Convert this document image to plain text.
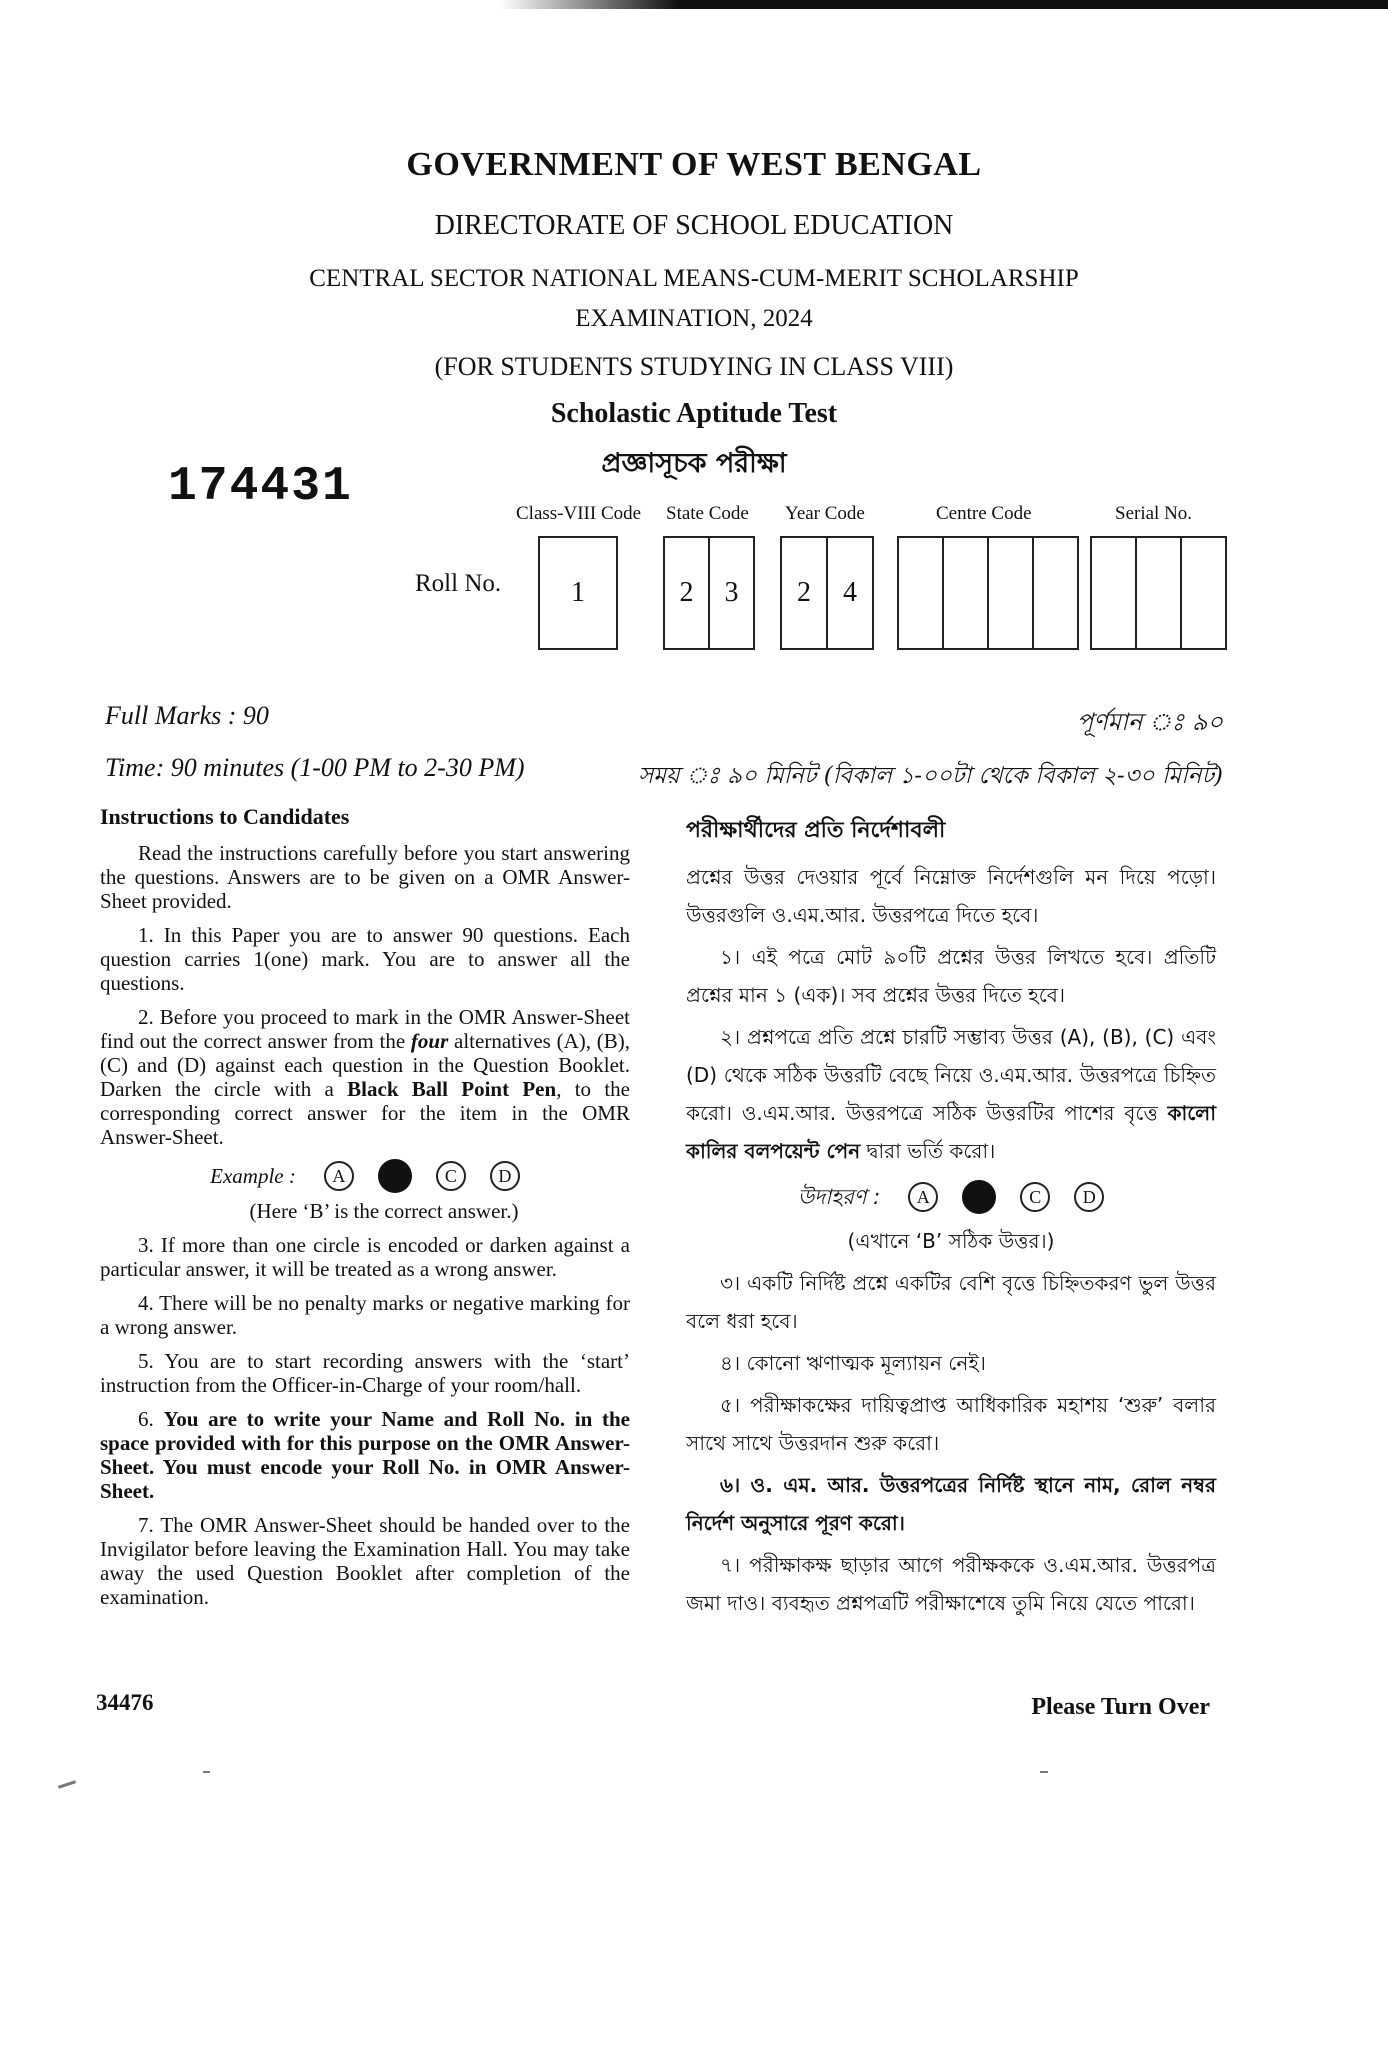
GOVERNMENT OF WEST BENGAL
DIRECTORATE OF SCHOOL EDUCATION
CENTRAL SECTOR NATIONAL MEANS-CUM-MERIT SCHOLARSHIP
EXAMINATION, 2024
(FOR STUDENTS STUDYING IN CLASS VIII)
Scholastic Aptitude Test
প্রজ্ঞাসূচক পরীক্ষা
174431	Class-VIII Code State Code Year Code	Centre Code	Serial No.
Roll No.	1	2	3	2	4
Full Marks : 90	পূর্ণমান ঃ ৯০
Time: 90 minutes (1-00 PM to 2-30 PM)	সময় ঃ ৯০ মিনিট (বিকাল ১-০০টা থেকে বিকাল ২-৩০ মিনিট)
Instructions to Candidates

Read the instructions carefully before you start answering the questions. Answers are to be given on a OMR Answer-Sheet provided.

1. In this Paper you are to answer 90 questions. Each question carries 1(one) mark. You are to answer all the questions.

2. Before you proceed to mark in the OMR Answer-Sheet find out the correct answer from the four alternatives (A), (B), (C) and (D) against each question in the Question Booklet. Darken the circle with a Black Ball Point Pen, to the corresponding correct answer for the item in the OMR Answer-Sheet.

Example :	A	C	D

(Here ‘B’ is the correct answer.)

3. If more than one circle is encoded or darken against a particular answer, it will be treated as a wrong answer.

4. There will be no penalty marks or negative marking for a wrong answer.

5. You are to start recording answers with the ‘start’ instruction from the Officer-in-Charge of your room/hall.

6. You are to write your Name and Roll No. in the space provided with for this purpose on the OMR Answer-Sheet. You must encode your Roll No. in OMR Answer-Sheet.

7. The OMR Answer-Sheet should be handed over to the Invigilator before leaving the Examination Hall. You may take away the used Question Booklet after completion of the examination.

পরীক্ষার্থীদের প্রতি নির্দেশাবলী

প্রশ্নের উত্তর দেওয়ার পূর্বে নিম্নোক্ত নির্দেশগুলি মন দিয়ে পড়ো। উত্তরগুলি ও.এম.আর. উত্তরপত্রে দিতে হবে।

১। এই পত্রে মোট ৯০টি প্রশ্নের উত্তর লিখতে হবে। প্রতিটি প্রশ্নের মান ১ (এক)। সব প্রশ্নের উত্তর দিতে হবে।

২। প্রশ্নপত্রে প্রতি প্রশ্নে চারটি সম্ভাব্য উত্তর (A), (B), (C) এবং (D) থেকে সঠিক উত্তরটি বেছে নিয়ে ও.এম.আর. উত্তরপত্রে চিহ্নিত করো। ও.এম.আর. উত্তরপত্রে সঠিক উত্তরটির পাশের বৃত্তে কালো কালির বলপয়েন্ট পেন দ্বারা ভর্তি করো।

উদাহরণ :	A	C	D

(এখানে ‘B’ সঠিক উত্তর।)

৩। একটি নির্দিষ্ট প্রশ্নে একটির বেশি বৃত্তে চিহ্নিতকরণ ভুল উত্তর বলে ধরা হবে।

৪। কোনো ঋণাত্মক মূল্যায়ন নেই।

৫। পরীক্ষাকক্ষের দায়িত্বপ্রাপ্ত আধিকারিক মহাশয় ‘শুরু’ বলার সাথে সাথে উত্তরদান শুরু করো।

৬। ও. এম. আর. উত্তরপত্রের নির্দিষ্ট স্থানে নাম, রোল নম্বর নির্দেশ অনুসারে পূরণ করো।

৭। পরীক্ষাকক্ষ ছাড়ার আগে পরীক্ষককে ও.এম.আর. উত্তরপত্র জমা দাও। ব্যবহৃত প্রশ্নপত্রটি পরীক্ষাশেষে তুমি নিয়ে যেতে পারো।

34476	Please Turn Over
